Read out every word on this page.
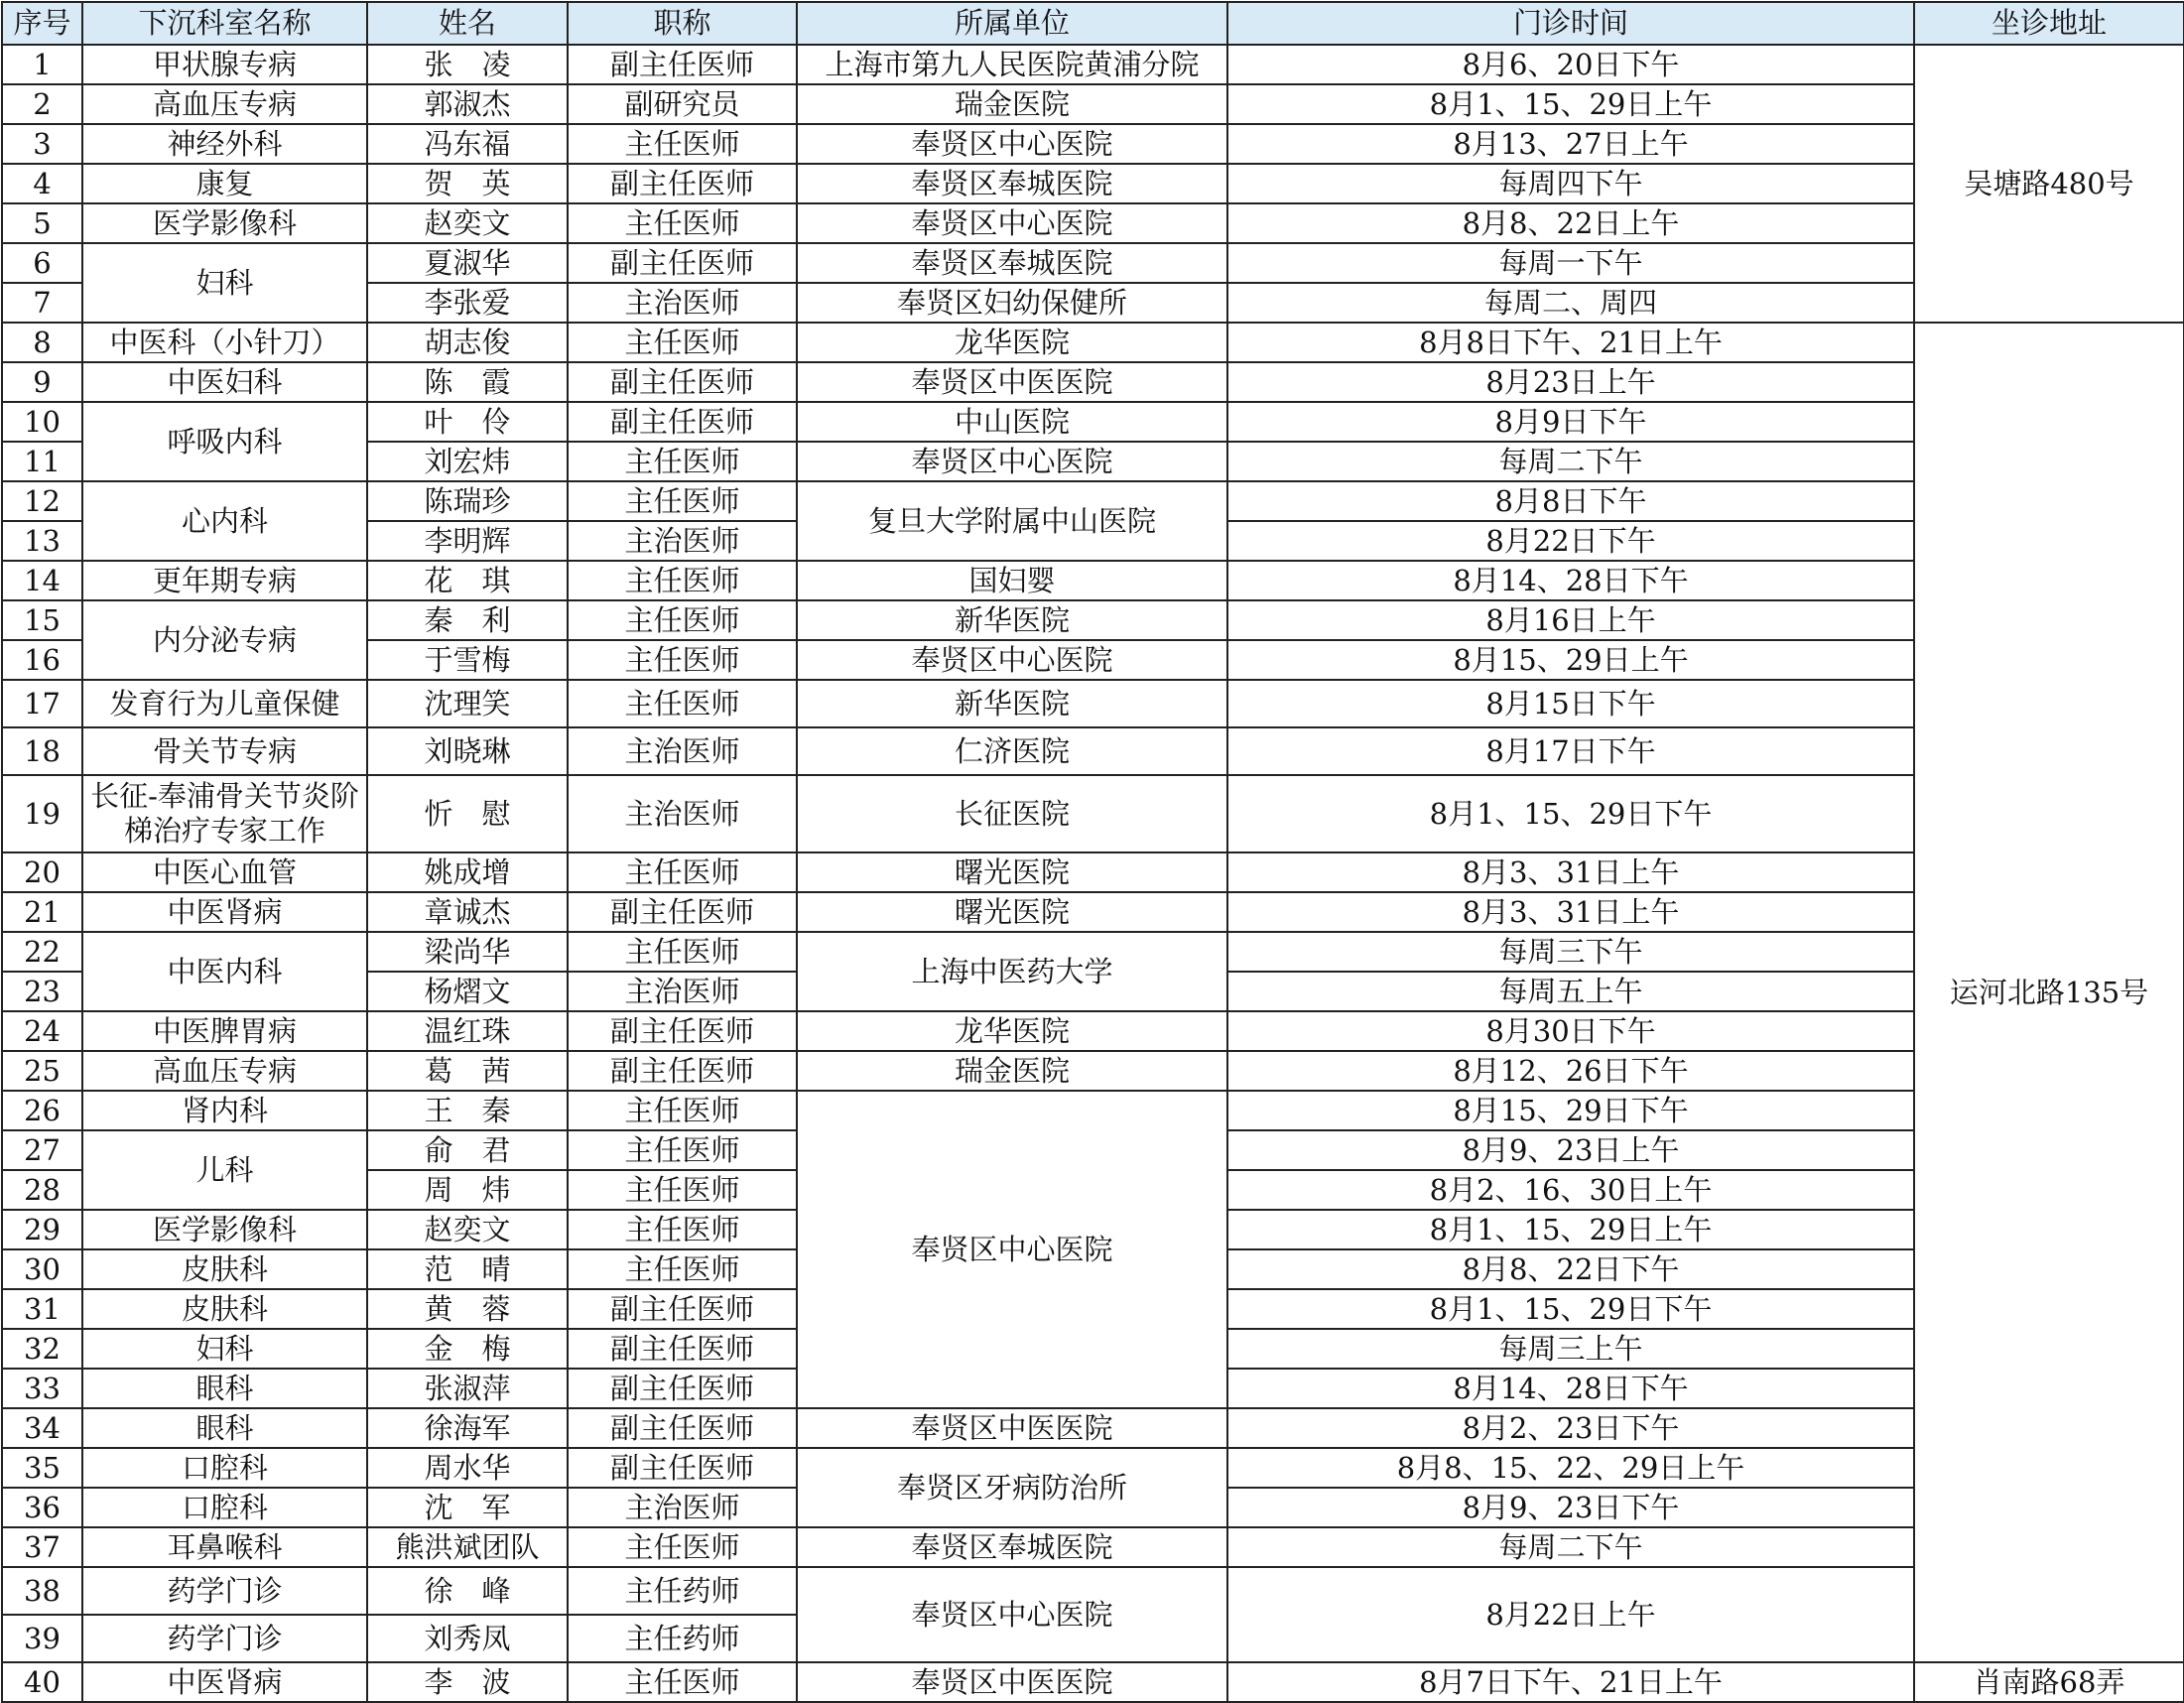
序号	下沉科室名称	姓名	职称	所属单位	门诊时间	坐诊地址
1	甲状腺专病	张　凌	副主任医师	上海市第九人民医院黄浦分院	8月6、20日下午	吴塘路480号
2	高血压专病	郭淑杰	副研究员	瑞金医院	8月1、15、29日上午	
3	神经外科	冯东福	主任医师	奉贤区中心医院	8月13、27日上午	
4	康复	贺　英	副主任医师	奉贤区奉城医院	每周四下午	
5	医学影像科	赵奕文	主任医师	奉贤区中心医院	8月8、22日上午	
6	妇科	夏淑华	副主任医师	奉贤区奉城医院	每周一下午	
7		李张爱	主治医师	奉贤区妇幼保健所	每周二、周四	
8	中医科（小针刀）	胡志俊	主任医师	龙华医院	8月8日下午、21日上午	运河北路135号
9	中医妇科	陈　霞	副主任医师	奉贤区中医医院	8月23日上午	
10	呼吸内科	叶　伶	副主任医师	中山医院	8月9日下午	
11		刘宏炜	主任医师	奉贤区中心医院	每周二下午	
12	心内科	陈瑞珍	主任医师	复旦大学附属中山医院	8月8日下午	
13		李明辉	主治医师		8月22日下午	
14	更年期专病	花　琪	主任医师	国妇婴	8月14、28日下午	
15	内分泌专病	秦　利	主任医师	新华医院	8月16日上午	
16		于雪梅	主任医师	奉贤区中心医院	8月15、29日上午	
17	发育行为儿童保健	沈理笑	主任医师	新华医院	8月15日下午	
18	骨关节专病	刘晓琳	主治医师	仁济医院	8月17日下午	
19	长征-奉浦骨关节炎阶梯治疗专家工作	忻　慰	主治医师	长征医院	8月1、15、29日下午	
20	中医心血管	姚成增	主任医师	曙光医院	8月3、31日上午	
21	中医肾病	章诚杰	副主任医师	曙光医院	8月3、31日上午	
22	中医内科	梁尚华	主任医师	上海中医药大学	每周三下午	
23		杨熠文	主治医师		每周五上午	
24	中医脾胃病	温红珠	副主任医师	龙华医院	8月30日下午	
25	高血压专病	葛　茜	副主任医师	瑞金医院	8月12、26日下午	
26	肾内科	王　秦	主任医师	奉贤区中心医院	8月15、29日下午	
27	儿科	俞　君	主任医师		8月9、23日上午	
28		周　炜	主任医师		8月2、16、30日上午	
29	医学影像科	赵奕文	主任医师		8月1、15、29日上午	
30	皮肤科	范　晴	主任医师		8月8、22日下午	
31	皮肤科	黄　蓉	副主任医师		8月1、15、29日下午	
32	妇科	金　梅	副主任医师		每周三上午	
33	眼科	张淑萍	副主任医师		8月14、28日下午	
34	眼科	徐海军	副主任医师	奉贤区中医医院	8月2、23日下午	
35	口腔科	周水华	副主任医师	奉贤区牙病防治所	8月8、15、22、29日上午	
36	口腔科	沈　军	主治医师		8月9、23日下午	
37	耳鼻喉科	熊洪斌团队	主任医师	奉贤区奉城医院	每周二下午	
38	药学门诊	徐　峰	主任药师	奉贤区中心医院	8月22日上午	
39	药学门诊	刘秀凤	主任药师			
40	中医肾病	李　波	主任医师	奉贤区中医医院	8月7日下午、21日上午	肖南路68弄
